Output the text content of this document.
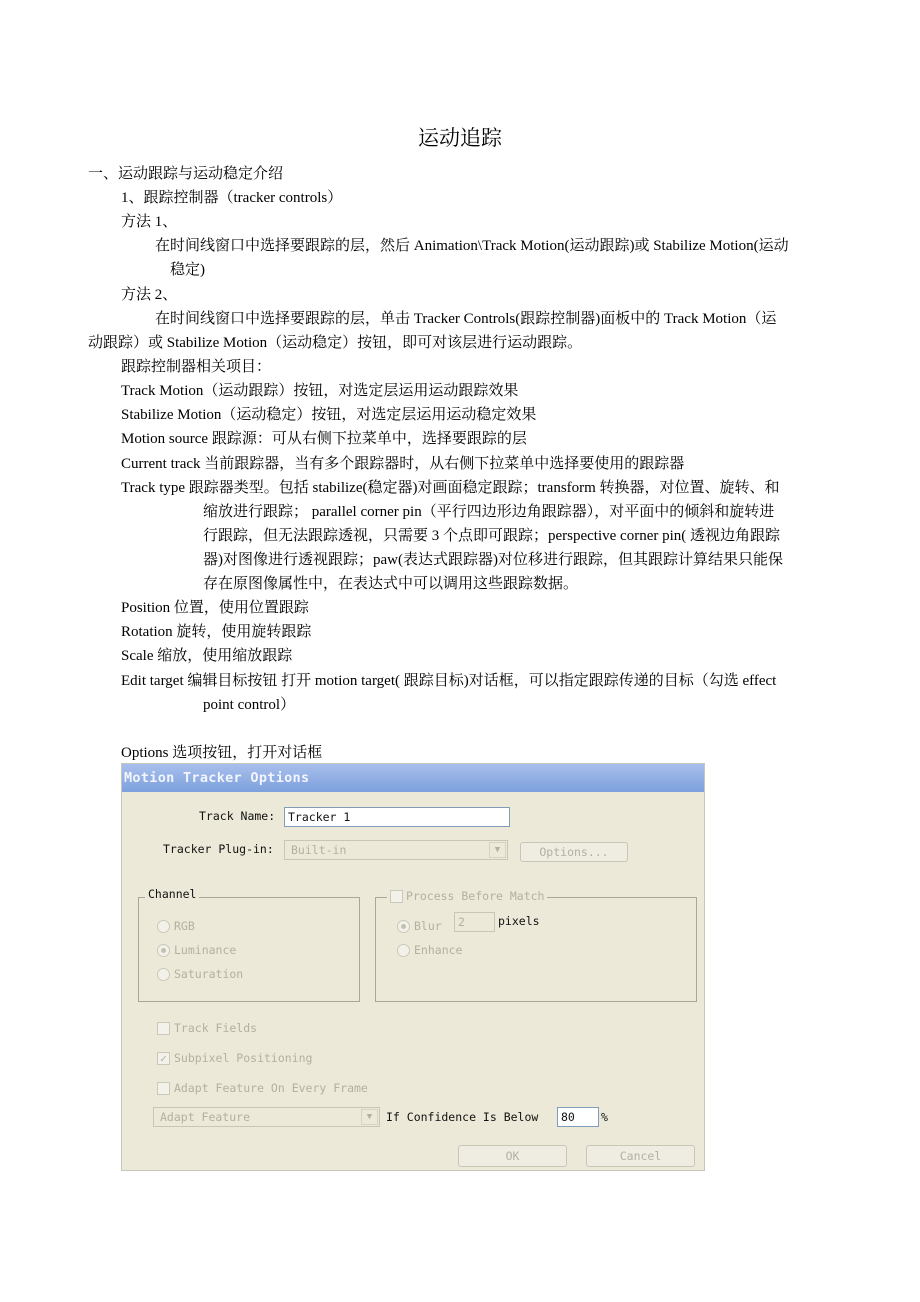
运动追踪
一、运动跟踪与运动稳定介绍
1、跟踪控制器（tracker controls）
方法 1、
在时间线窗口中选择要跟踪的层，然后 Animation\Track Motion(运动跟踪)或 Stabilize Motion(运动
稳定)
方法 2、
在时间线窗口中选择要跟踪的层，单击 Tracker Controls(跟踪控制器)面板中的 Track Motion（运
动跟踪）或 Stabilize Motion（运动稳定）按钮，即可对该层进行运动跟踪。
跟踪控制器相关项目：
Track Motion（运动跟踪）按钮，对选定层运用运动跟踪效果
Stabilize Motion（运动稳定）按钮，对选定层运用运动稳定效果
Motion source 跟踪源：可从右侧下拉菜单中，选择要跟踪的层
Current track 当前跟踪器，当有多个跟踪器时，从右侧下拉菜单中选择要使用的跟踪器
Track type 跟踪器类型。包括 stabilize(稳定器)对画面稳定跟踪；transform 转换器，对位置、旋转、和
缩放进行跟踪； parallel corner pin（平行四边形边角跟踪器），对平面中的倾斜和旋转进
行跟踪，但无法跟踪透视，只需要 3 个点即可跟踪；perspective corner pin( 透视边角跟踪
器)对图像进行透视跟踪；paw(表达式跟踪器)对位移进行跟踪，但其跟踪计算结果只能保
存在原图像属性中，在表达式中可以调用这些跟踪数据。
Position 位置，使用位置跟踪
Rotation 旋转，使用旋转跟踪
Scale 缩放，使用缩放跟踪
Edit target 编辑目标按钮 打开 motion target( 跟踪目标)对话框，可以指定跟踪传递的目标（勾选 effect
point control）
Options 选项按钮，打开对话框
Motion Tracker Options
Track Name:	Tracker 1
Tracker Plug-in:	Built-in	▼	Options...
Channel
RGB
Luminance
Saturation
Process Before Match
Blur	2	pixels
Enhance
Track Fields
✓ Subpixel Positioning
Adapt Feature On Every Frame
Adapt Feature	▼	If Confidence Is Below	80	%
OK	Cancel
